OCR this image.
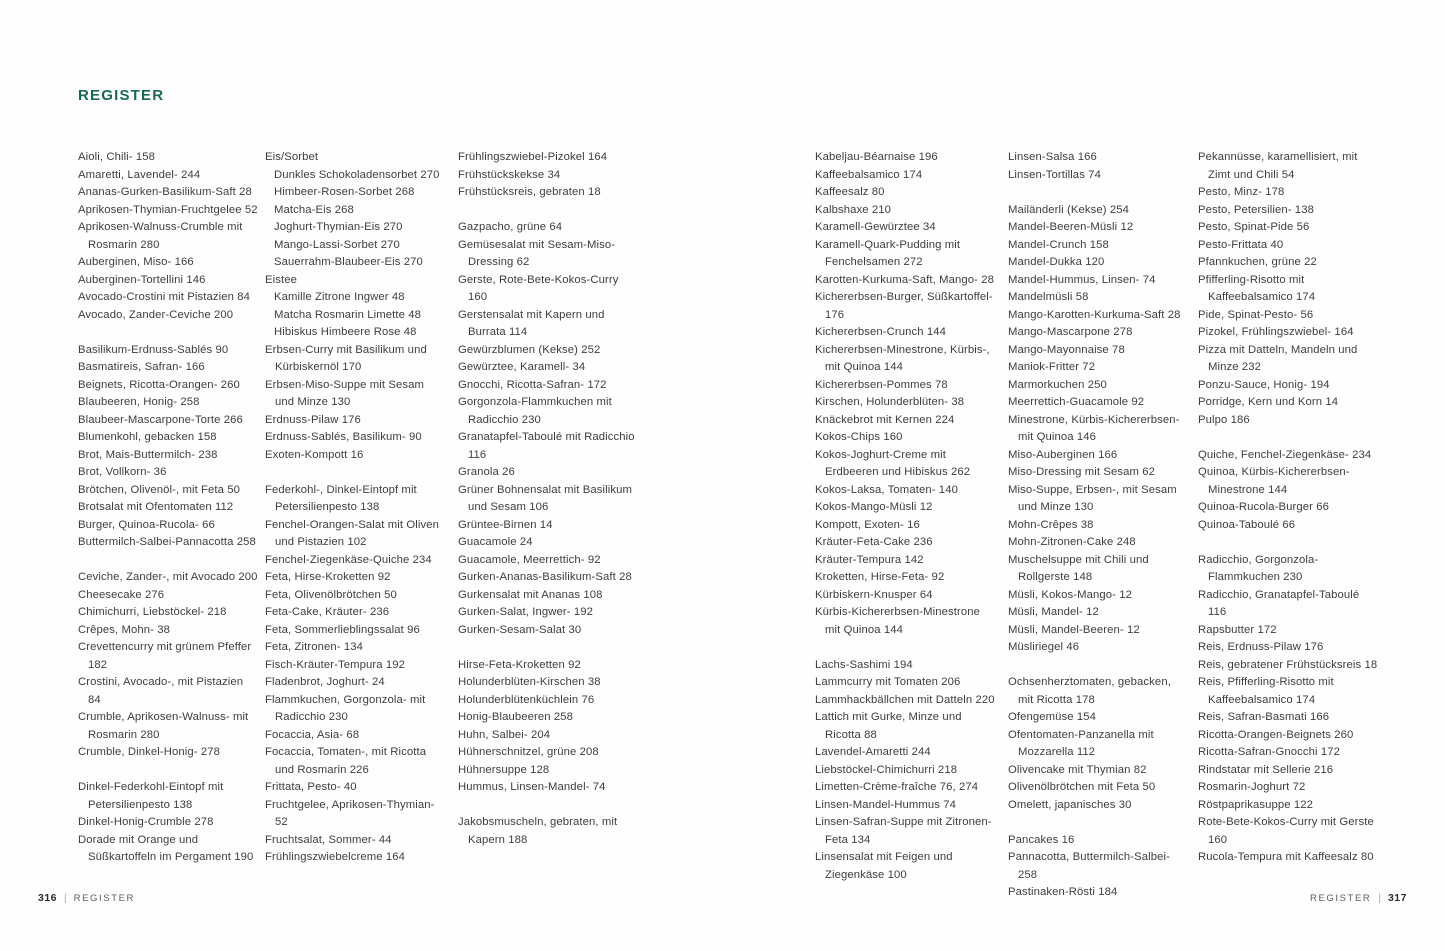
REGISTER
Aioli, Chili- 158
Amaretti, Lavendel- 244
Ananas-Gurken-Basilikum-Saft 28
Aprikosen-Thymian-Fruchtgelee 52
Aprikosen-Walnuss-Crumble mit Rosmarin 280
Auberginen, Miso- 166
Auberginen-Tortellini 146
Avocado-Crostini mit Pistazien 84
Avocado, Zander-Ceviche 200
Basilikum-Erdnuss-Sablés 90
Basmatireis, Safran- 166
Beignets, Ricotta-Orangen- 260
Blaubeeren, Honig- 258
Blaubeer-Mascarpone-Torte 266
Blumenkohl, gebacken 158
Brot, Mais-Buttermilch- 238
Brot, Vollkorn- 36
Brötchen, Olivenöl-, mit Feta 50
Brotsalat mit Ofentomaten 112
Burger, Quinoa-Rucola- 66
Buttermilch-Salbei-Pannacotta 258
Ceviche, Zander-, mit Avocado 200
Cheesecake 276
Chimichurri, Liebstöckel- 218
Crêpes, Mohn- 38
Crevettencurry mit grünem Pfeffer 182
Crostini, Avocado-, mit Pistazien 84
Crumble, Aprikosen-Walnuss- mit Rosmarin 280
Crumble, Dinkel-Honig- 278
Dinkel-Federkohl-Eintopf mit Petersilienpesto 138
Dinkel-Honig-Crumble 278
Dorade mit Orange und Süßkartoffeln im Pergament 190
Eis/Sorbet
Dunkles Schokoladensorbet 270
Himbeer-Rosen-Sorbet 268
Matcha-Eis 268
Joghurt-Thymian-Eis 270
Mango-Lassi-Sorbet 270
Sauerrahm-Blaubeer-Eis 270
Eistee
Kamille Zitrone Ingwer 48
Matcha Rosmarin Limette 48
Hibiskus Himbeere Rose 48
Erbsen-Curry mit Basilikum und Kürbiskernöl 170
Erbsen-Miso-Suppe mit Sesam und Minze 130
Erdnuss-Pilaw 176
Erdnuss-Sablés, Basilikum- 90
Exoten-Kompott 16
Federkohl-, Dinkel-Eintopf mit Petersilienpesto 138
Fenchel-Orangen-Salat mit Oliven und Pistazien 102
Fenchel-Ziegenkäse-Quiche 234
Feta, Hirse-Kroketten 92
Feta, Olivenölbrötchen 50
Feta-Cake, Kräuter- 236
Feta, Sommerlieblingssalat 96
Feta, Zitronen- 134
Fisch-Kräuter-Tempura 192
Fladenbrot, Joghurt- 24
Flammkuchen, Gorgonzola- mit Radicchio 230
Focaccia, Asia- 68
Focaccia, Tomaten-, mit Ricotta und Rosmarin 226
Frittata, Pesto- 40
Fruchtgelee, Aprikosen-Thymian- 52
Fruchtsalat, Sommer- 44
Frühlingszwiebelcreme 164
Frühlingszwiebel-Pizokel 164
Frühstückskekse 34
Frühstücksreis, gebraten 18
Gazpacho, grüne 64
Gemüsesalat mit Sesam-Miso-Dressing 62
Gerste, Rote-Bete-Kokos-Curry 160
Gerstensalat mit Kapern und Burrata 114
Gewürzblumen (Kekse) 252
Gewürztee, Karamell- 34
Gnocchi, Ricotta-Safran- 172
Gorgonzola-Flammkuchen mit Radicchio 230
Granatapfel-Taboulé mit Radicchio 116
Granola 26
Grüner Bohnensalat mit Basilikum und Sesam 106
Grüntee-Birnen 14
Guacamole 24
Guacamole, Meerrettich- 92
Gurken-Ananas-Basilikum-Saft 28
Gurkensalat mit Ananas 108
Gurken-Salat, Ingwer- 192
Gurken-Sesam-Salat 30
Hirse-Feta-Kroketten 92
Holunderblüten-Kirschen 38
Holunderblütenküchlein 76
Honig-Blaubeeren 258
Huhn, Salbei- 204
Hühnerschnitzel, grüne 208
Hühnersuppe 128
Hummus, Linsen-Mandel- 74
Jakobsmuscheln, gebraten, mit Kapern 188
Kabeljau-Béarnaise 196
Kaffeebalsamico 174
Kaffeesalz 80
Kalbshaxe 210
Karamell-Gewürztee 34
Karamell-Quark-Pudding mit Fenchelsamen 272
Karotten-Kurkuma-Saft, Mango- 28
Kichererbsen-Burger, Süßkartoffel- 176
Kichererbsen-Crunch 144
Kichererbsen-Minestrone, Kürbis-, mit Quinoa 144
Kichererbsen-Pommes 78
Kirschen, Holunderblüten- 38
Knäckebrot mit Kernen 224
Kokos-Chips 160
Kokos-Joghurt-Creme mit Erdbeeren und Hibiskus 262
Kokos-Laksa, Tomaten- 140
Kokos-Mango-Müsli 12
Kompott, Exoten- 16
Kräuter-Feta-Cake 236
Kräuter-Tempura 142
Kroketten, Hirse-Feta- 92
Kürbiskern-Knusper 64
Kürbis-Kichererbsen-Minestrone mit Quinoa 144
Lachs-Sashimi 194
Lammcurry mit Tomaten 206
Lammhackbällchen mit Datteln 220
Lattich mit Gurke, Minze und Ricotta 88
Lavendel-Amaretti 244
Liebstöckel-Chimichurri 218
Limetten-Crème-fraîche 76, 274
Linsen-Mandel-Hummus 74
Linsen-Safran-Suppe mit Zitronen-Feta 134
Linsensalat mit Feigen und Ziegenkäse 100
Linsen-Salsa 166
Linsen-Tortillas 74
Mailänderli (Kekse) 254
Mandel-Beeren-Müsli 12
Mandel-Crunch 158
Mandel-Dukka 120
Mandel-Hummus, Linsen- 74
Mandelmüsli 58
Mango-Karotten-Kurkuma-Saft 28
Mango-Mascarpone 278
Mango-Mayonnaise 78
Maniok-Fritter 72
Marmorkuchen 250
Meerrettich-Guacamole 92
Minestrone, Kürbis-Kichererbsen- mit Quinoa 146
Miso-Auberginen 166
Miso-Dressing mit Sesam 62
Miso-Suppe, Erbsen-, mit Sesam und Minze 130
Mohn-Crêpes 38
Mohn-Zitronen-Cake 248
Muschelsuppe mit Chili und Rollgerste 148
Müsli, Kokos-Mango- 12
Müsli, Mandel- 12
Müsli, Mandel-Beeren- 12
Müsliriegel 46
Ochsenherztomaten, gebacken, mit Ricotta 178
Ofengemüse 154
Ofentomaten-Panzanella mit Mozzarella 112
Olivencake mit Thymian 82
Olivenölbrötchen mit Feta 50
Omelett, japanisches 30
Pancakes 16
Pannacotta, Buttermilch-Salbei- 258
Pastinaken-Rösti 184
Pekannüsse, karamellisiert, mit Zimt und Chili 54
Pesto, Minz- 178
Pesto, Petersilien- 138
Pesto, Spinat-Pide 56
Pesto-Frittata 40
Pfannkuchen, grüne 22
Pfifferling-Risotto mit Kaffeebalsamico 174
Pide, Spinat-Pesto- 56
Pizokel, Frühlingszwiebel- 164
Pizza mit Datteln, Mandeln und Minze 232
Ponzu-Sauce, Honig- 194
Porridge, Kern und Korn 14
Pulpo 186
Quiche, Fenchel-Ziegenkäse- 234
Quinoa, Kürbis-Kichererbsen-Minestrone 144
Quinoa-Rucola-Burger 66
Quinoa-Taboulé 66
Radicchio, Gorgonzola-Flammkuchen 230
Radicchio, Granatapfel-Taboulé 116
Rapsbutter 172
Reis, Erdnuss-Pilaw 176
Reis, gebratener Frühstücksreis 18
Reis, Pfifferling-Risotto mit Kaffeebalsamico 174
Reis, Safran-Basmati 166
Ricotta-Orangen-Beignets 260
Ricotta-Safran-Gnocchi 172
Rindstatar mit Sellerie 216
Rosmarin-Joghurt 72
Röstpaprikasuppe 122
Rote-Bete-Kokos-Curry mit Gerste 160
Rucola-Tempura mit Kaffeesalz 80
316 | REGISTER	REGISTER | 317
